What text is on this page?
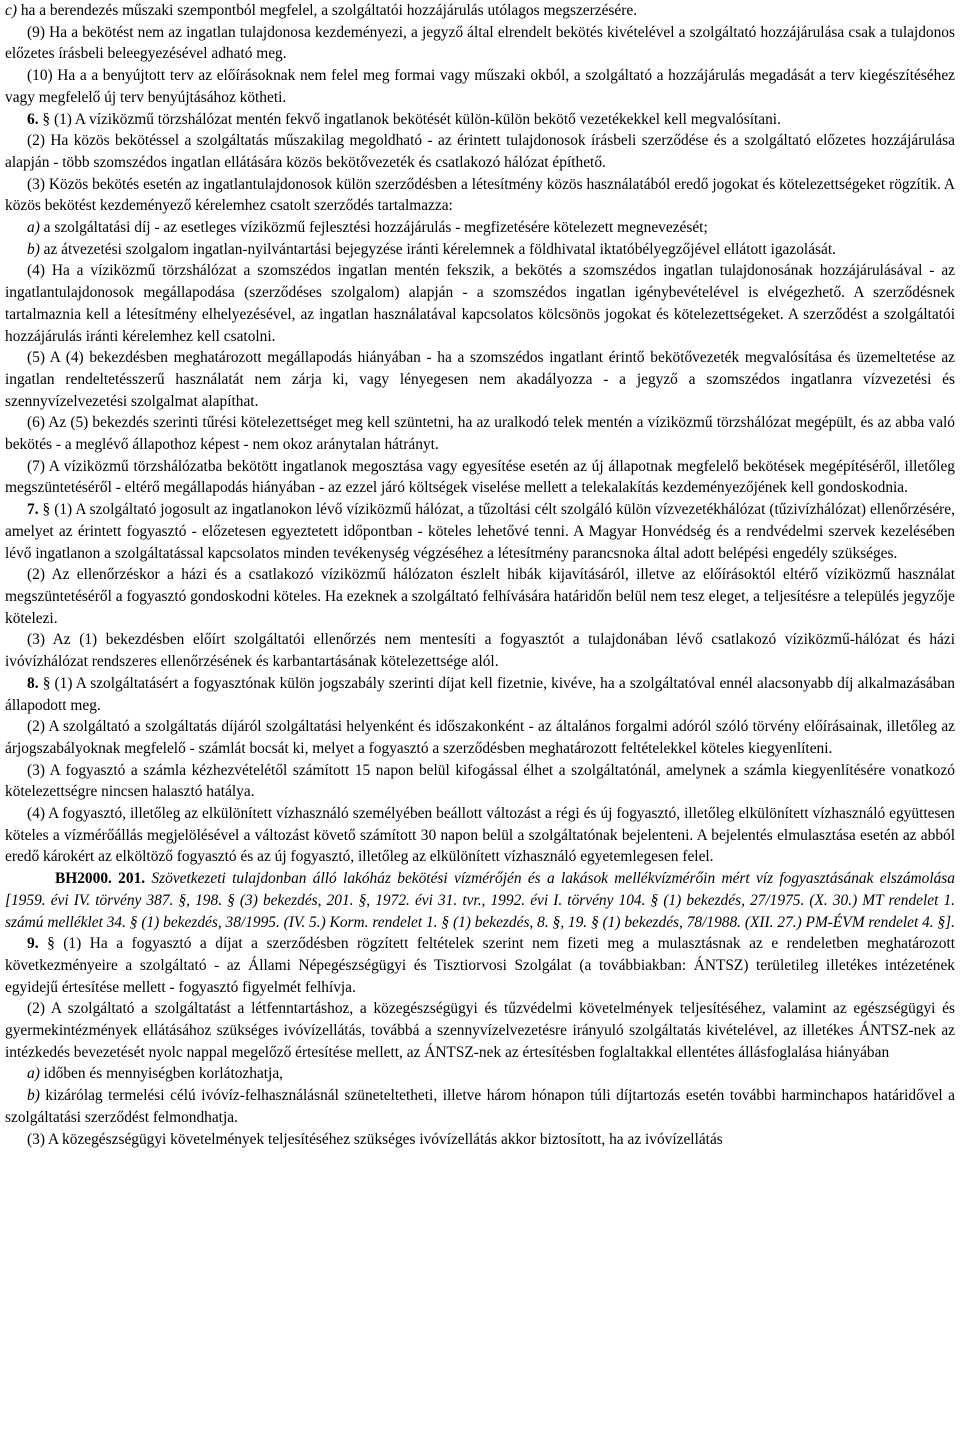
c) ha a berendezés műszaki szempontból megfelel, a szolgáltatói hozzájárulás utólagos megszerzésére.

(9) Ha a bekötést nem az ingatlan tulajdonosa kezdeményezi, a jegyző által elrendelt bekötés kivételével a szolgáltató hozzájárulása csak a tulajdonos előzetes írásbeli beleegyezésével adható meg.

(10) Ha a a benyújtott terv az előírásoknak nem felel meg formai vagy műszaki okból, a szolgáltató a hozzájárulás megadását a terv kiegészítéséhez vagy megfelelő új terv benyújtásához kötheti.

6. § (1) A víziközmű törzshálózat mentén fekvő ingatlanok bekötését külön-külön bekötő vezetékekkel kell megvalósítani.

(2) Ha közös bekötéssel a szolgáltatás műszakilag megoldható - az érintett tulajdonosok írásbeli szerződése és a szolgáltató előzetes hozzájárulása alapján - több szomszédos ingatlan ellátására közös bekötővezeték és csatlakozó hálózat építhető.

(3) Közös bekötés esetén az ingatlantulajdonosok külön szerződésben a létesítmény közös használatából eredő jogokat és kötelezettségeket rögzítik. A közös bekötést kezdeményező kérelemhez csatolt szerződés tartalmazza:

a) a szolgáltatási díj - az esetleges víziközmű fejlesztési hozzájárulás - megfizetésére kötelezett megnevezését;

b) az átvezetési szolgalom ingatlan-nyilvántartási bejegyzése iránti kérelemnek a földhivatal iktatóbélyegzőjével ellátott igazolását.

(4) Ha a víziközmű törzshálózat a szomszédos ingatlan mentén fekszik, a bekötés a szomszédos ingatlan tulajdonosának hozzájárulásával - az ingatlantulajdonosok megállapodása (szerződéses szolgalom) alapján - a szomszédos ingatlan igénybevételével is elvégezhető. A szerződésnek tartalmaznia kell a létesítmény elhelyezésével, az ingatlan használatával kapcsolatos kölcsönös jogokat és kötelezettségeket. A szerződést a szolgáltatói hozzájárulás iránti kérelemhez kell csatolni.

(5) A (4) bekezdésben meghatározott megállapodás hiányában - ha a szomszédos ingatlant érintő bekötővezeték megvalósítása és üzemeltetése az ingatlan rendeltetésszerű használatát nem zárja ki, vagy lényegesen nem akadályozza - a jegyző a szomszédos ingatlanra vízvezetési és szennyvízelvezetési szolgalmat alapíthat.

(6) Az (5) bekezdés szerinti tűrési kötelezettséget meg kell szüntetni, ha az uralkodó telek mentén a víziközmű törzshálózat megépült, és az abba való bekötés - a meglévő állapothoz képest - nem okoz aránytalan hátrányt.

(7) A víziközmű törzshálózatba bekötött ingatlanok megosztása vagy egyesítése esetén az új állapotnak megfelelő bekötések megépítéséről, illetőleg megszüntetéséről - eltérő megállapodás hiányában - az ezzel járó költségek viselése mellett a telekalakítás kezdeményezőjének kell gondoskodnia.

7. § (1) A szolgáltató jogosult az ingatlanokon lévő víziközmű hálózat, a tűzoltási célt szolgáló külön vízvezetékhálózat (tűzivízhálózat) ellenőrzésére, amelyet az érintett fogyasztó - előzetesen egyeztetett időpontban - köteles lehetővé tenni. A Magyar Honvédség és a rendvédelmi szervek kezelésében lévő ingatlanon a szolgáltatással kapcsolatos minden tevékenység végzéséhez a létesítmény parancsnoka által adott belépési engedély szükséges.

(2) Az ellenőrzéskor a házi és a csatlakozó víziközmű hálózaton észlelt hibák kijavításáról, illetve az előírásoktól eltérő víziközmű használat megszüntetéséről a fogyasztó gondoskodni köteles. Ha ezeknek a szolgáltató felhívására határidőn belül nem tesz eleget, a teljesítésre a település jegyzője kötelezi.

(3) Az (1) bekezdésben előírt szolgáltatói ellenőrzés nem mentesíti a fogyasztót a tulajdonában lévő csatlakozó víziközmű-hálózat és házi ivóvízhálózat rendszeres ellenőrzésének és karbantartásának kötelezettsége alól.

8. § (1) A szolgáltatásért a fogyasztónak külön jogszabály szerinti díjat kell fizetnie, kivéve, ha a szolgáltatóval ennél alacsonyabb díj alkalmazásában állapodott meg.

(2) A szolgáltató a szolgáltatás díjáról szolgáltatási helyenként és időszakonként - az általános forgalmi adóról szóló törvény előírásainak, illetőleg az árjogszabályoknak megfelelő - számlát bocsát ki, melyet a fogyasztó a szerződésben meghatározott feltételekkel köteles kiegyenlíteni.

(3) A fogyasztó a számla kézhezvételétől számított 15 napon belül kifogással élhet a szolgáltatónál, amelynek a számla kiegyenlítésére vonatkozó kötelezettségre nincsen halasztó hatálya.

(4) A fogyasztó, illetőleg az elkülönített vízhasználó személyében beállott változást a régi és új fogyasztó, illetőleg elkülönített vízhasználó együttesen köteles a vízmérőállás megjelölésével a változást követő számított 30 napon belül a szolgáltatónak bejelenteni. A bejelentés elmulasztása esetén az abból eredő károkért az elköltöző fogyasztó és az új fogyasztó, illetőleg az elkülönített vízhasználó egyetemlegesen felel.

BH2000. 201. Szövetkezeti tulajdonban álló lakóház bekötési vízmérőjén és a lakások mellékvízmérőin mért víz fogyasztásának elszámolása [1959. évi IV. törvény 387. §, 198. § (3) bekezdés, 201. §, 1972. évi 31. tvr., 1992. évi I. törvény 104. § (1) bekezdés, 27/1975. (X. 30.) MT rendelet 1. számú melléklet 34. § (1) bekezdés, 38/1995. (IV. 5.) Korm. rendelet 1. § (1) bekezdés, 8. §, 19. § (1) bekezdés, 78/1988. (XII. 27.) PM-ÉVM rendelet 4. §].

9. § (1) Ha a fogyasztó a díjat a szerződésben rögzített feltételek szerint nem fizeti meg a mulasztásnak az e rendeletben meghatározott következményeire a szolgáltató - az Állami Népegészségügyi és Tisztiorvosi Szolgálat (a továbbiakban: ÁNTSZ) területileg illetékes intézetének egyidejű értesítése mellett - fogyasztó figyelmét felhívja.

(2) A szolgáltató a szolgáltatást a létfenntartáshoz, a közegészségügyi és tűzvédelmi követelmények teljesítéséhez, valamint az egészségügyi és gyermekintézmények ellátásához szükséges ivóvízellátás, továbbá a szennyvízelvezetésre irányuló szolgáltatás kivételével, az illetékes ÁNTSZ-nek az intézkedés bevezetését nyolc nappal megelőző értesítése mellett, az ÁNTSZ-nek az értesítésben foglaltakkal ellentétes állásfoglalása hiányában

a) időben és mennyiségben korlátozhatja,

b) kizárólag termelési célú ivóvíz-felhasználásnál szüneteltetheti, illetve három hónapon túli díjtartozás esetén további harminchapos határidővel a szolgáltatási szerződést felmondhatja.

(3) A közegészségügyi követelmények teljesítéséhez szükséges ivóvízellátás akkor biztosított, ha az ivóvízellátás
